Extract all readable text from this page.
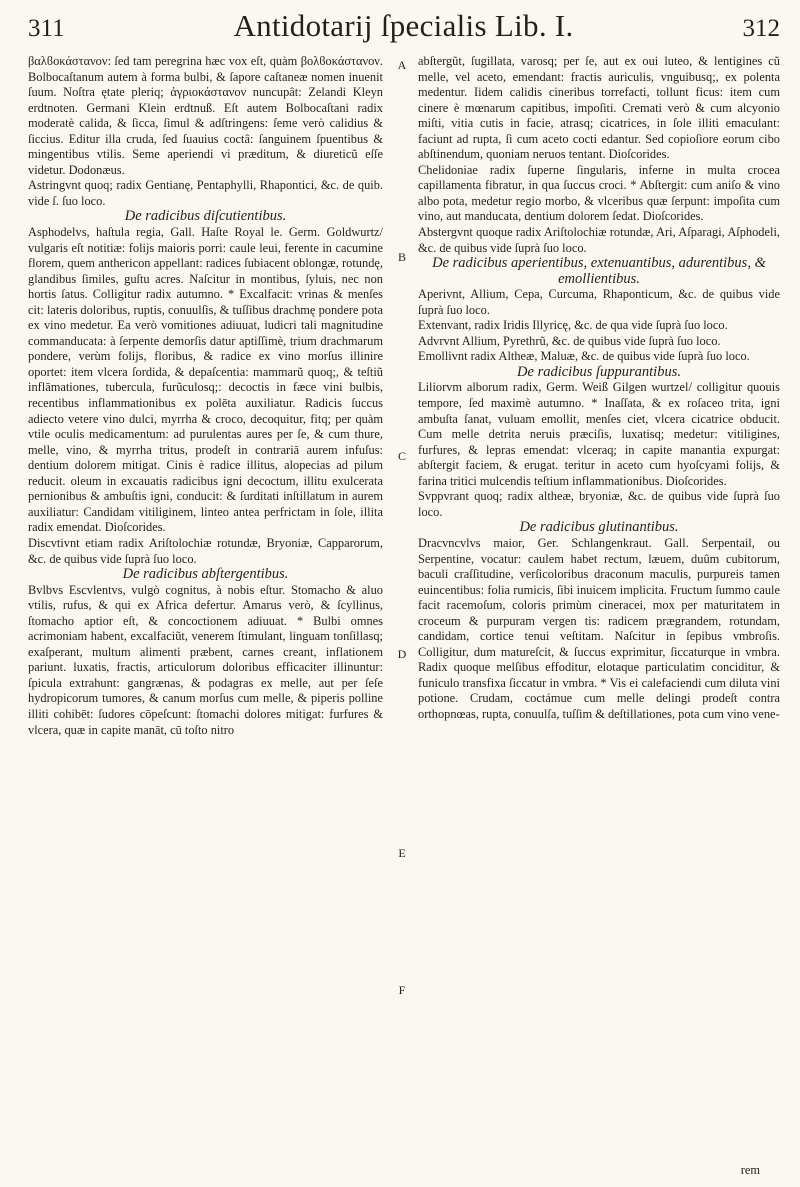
311	Antidotarij ſpecialis Lib. I.	312

βαλϐοκάστανον: ſed tam peregrina hæc vox eſt, quàm βολϐοκάστανον. Bolbocaſtanum autem à forma bulbi, & ſapore caſtaneæ nomen inuenit ſuum. Noſtra ętate pleriq; ἀγριοκάστανον nuncupât: Zelandi Kleyn erdtnoten. Germani Klein erdtnuß. Eſt autem Bolbocaſtani radix moderatè calida, & ſicca, ſimul & adſtringens: ſeme verò calidius & ſiccius. Editur illa cruda, ſed ſuauius coctâ: ſanguinem ſpuentibus & mingentibus vtilis. Seme aperiendi vi præditum, & diureticũ eſſe videtur. Dodonæus.

Astringvnt quoq; radix Gentianę, Pentaphylli, Rhapontici, &c. de quib. vide ſ. ſuo loco.

De radicibus diſcutientibus.

Asphodelvs, haſtula regia, Gall. Haſte Royal le. Germ. Goldwurtz/ vulgaris eſt notitiæ: folijs maioris porri: caule leui, ferente in cacumine florem, quem anthericon appellant: radices ſubiacent oblongæ, rotundę, glandibus ſimiles, guſtu acres. Naſcitur in montibus, ſyluis, nec non hortis ſatus. Colligitur radix autumno. * Excalfacit: vrinas & menſes cit: lateris doloribus, ruptis, conuulſis, & tuſſibus drachmę pondere pota ex vino medetur. Ea verò vomitiones adiuuat, ludicri tali magnitudine commanducata: à ſerpente demorſis datur aptiſſimè, trium drachmarum pondere, verùm folijs, floribus, & radice ex vino morſus illinire oportet: item vlcera ſordida, & depaſcentia: mammarũ quoq;, & teſtiũ inflāmationes, tubercula, furũculosq;: decoctis in fæce vini bulbis, recentibus inflammationibus ex polēta auxiliatur. Radicis ſuccus adiecto vetere vino dulci, myrrha & croco, decoquitur, fitq; per quàm vtile oculis medicamentum: ad purulentas aures per ſe, & cum thure, melle, vino, & myrrha tritus, prodeſt in contrariā aurem infuſus: dentium dolorem mitigat. Cinis è radice illitus, alopecias ad pilum reducit. oleum in excauatis radicibus igni decoctum, illitu exulcerata pernionibus & ambuſtis igni, conducit: & ſurditati inſtillatum in aurem auxiliatur: Candidam vitiliginem, linteo antea perfrictam in ſole, illita radix emendat. Dioſcorides.

Discvtivnt etiam radix Ariſtolochiæ rotundæ, Bryoniæ, Capparorum, &c. de quibus vide ſuprà ſuo loco.

De radicibus abſtergentibus.

Bvlbvs Escvlentvs, vulgò cognitus, à nobis eſtur. Stomacho & aluo vtilis, rufus, & qui ex Africa defertur. Amarus verò, & ſcyllinus, ſtomacho aptior eſt, & concoctionem adiuuat. * Bulbi omnes acrimoniam habent, excalfaciũt, venerem ſtimulant, linguam tonſillasq; exaſperant, multum alimenti præbent, carnes creant, inflationem pariunt. luxatis, fractis, articulorum doloribus efficaciter illinuntur: ſpicula extrahunt: gangrænas, & podagras ex melle, aut per ſeſe hydropicorum tumores, & canum morſus cum melle, & piperis polline illiti cohibēt: ſudores cōpeſcunt: ſtomachi dolores mitigat: furfures & vlcera, quæ in capite manāt, cū toſto nitro

A
B
C
D
E
F

abſtergũt, ſugillata, varosq; per ſe, aut ex oui luteo, & lentigines cũ melle, vel aceto, emendant: fractis auriculis, vnguibusq;, ex polenta medentur. Iidem calidis cineribus torrefacti, tollunt ficus: item cum cinere è mœnarum capitibus, impoſiti. Cremati verò & cum alcyonio miſti, vitia cutis in facie, atrasq; cicatrices, in ſole illiti emaculant: faciunt ad rupta, ſi cum aceto cocti edantur. Sed copioſiore eorum cibo abſtinendum, quoniam neruos tentant. Dioſcorides.

Chelidoniae radix ſuperne ſingularis, inferne in multa crocea capillamenta fibratur, in qua ſuccus croci. * Abſtergit: cum aniſo & vino albo pota, medetur regio morbo, & vlceribus quæ ſerpunt: impoſita cum vino, aut manducata, dentium dolorem ſedat. Dioſcorides.

Abstergvnt quoque radix Ariſtolochiæ rotundæ, Ari, Aſparagi, Aſphodeli, &c. de quibus vide ſuprà ſuo loco.

De radicibus aperientibus, extenuantibus, adurentibus, & emollientibus.

Aperivnt, Allium, Cepa, Curcuma, Rhaponticum, &c. de quibus vide ſuprà ſuo loco.

Extenvant, radix Iridis Illyricę, &c. de qua vide ſuprà ſuo loco.

Advrvnt Allium, Pyrethrũ, &c. de quibus vide ſuprà ſuo loco.

Emollivnt radix Altheæ, Maluæ, &c. de quibus vide ſuprà ſuo loco.

De radicibus ſuppurantibus.

Liliorvm alborum radix, Germ. Weiß Gilgen wurtzel/ colligitur quouis tempore, ſed maximè autumno. * Inaſſata, & ex roſaceo trita, igni ambuſta ſanat, vuluam emollit, menſes ciet, vlcera cicatrice obducit. Cum melle detrita neruis præciſis, luxatisq; medetur: vitiligines, furfures, & lepras emendat: vlceraq; in capite manantia expurgat: abſtergit faciem, & erugat. teritur in aceto cum hyoſcyami folijs, & farina tritici mulcendis teſtium inflammationibus. Dioſcorides.

Svppvrant quoq; radix altheæ, bryoniæ, &c. de quibus vide ſuprà ſuo loco.

De radicibus glutinantibus.

Dracvncvlvs maior, Ger. Schlangenkraut. Gall. Serpentail, ou Serpentine, vocatur: caulem habet rectum, læuem, duûm cubitorum, baculi craſſitudine, verſicoloribus draconum maculis, purpureis tamen euincentibus: folia rumicis, ſibi inuicem implicita. Fructum ſummo caule facit racemoſum, coloris primùm cineracei, mox per maturitatem in croceum & purpuram vergen tis: radicem prægrandem, rotundam, candidam, cortice tenui veſtitam. Naſcitur in ſepibus vmbroſis. Colligitur, dum matureſcit, & ſuccus exprimitur, ſiccaturque in vmbra. Radix quoque melſibus effoditur, elotaque particulatim conciditur, & funiculo transfixa ſiccatur in vmbra. * Vis ei calefaciendi cum diluta vini potione. Crudam, coctámue cum melle delingi prodeſt contra orthopnœas, rupta, conuulſa, tuſſim & deſtillationes, pota cum vino vene-

rem
